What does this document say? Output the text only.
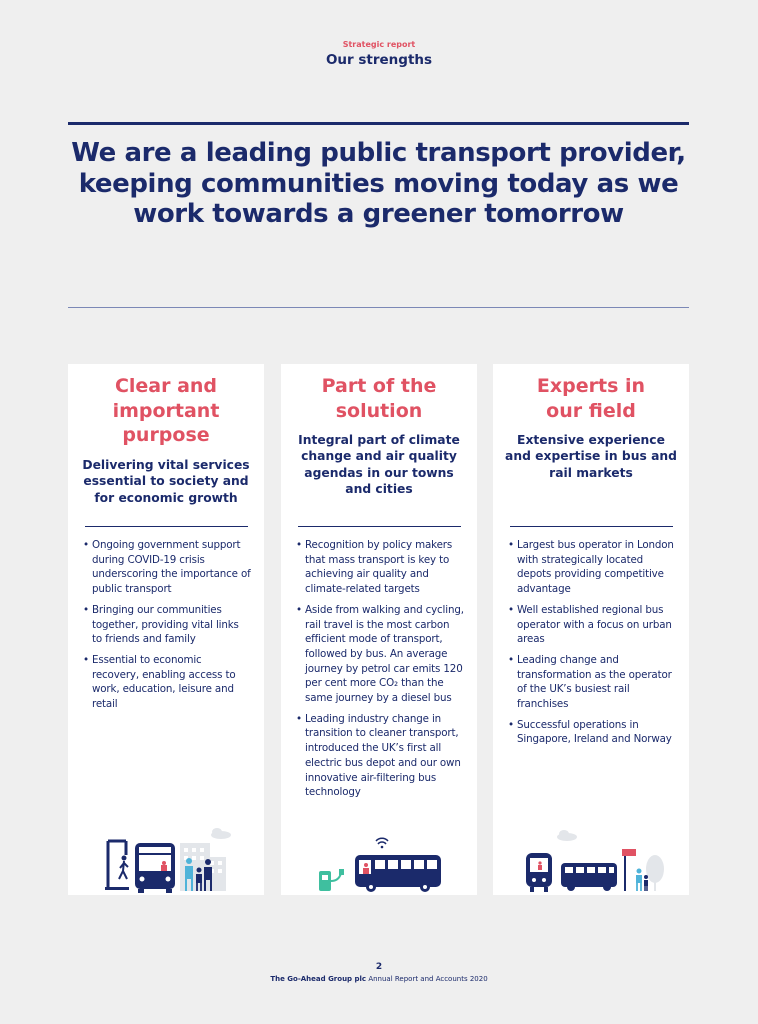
Strategic report
Our strengths
We are a leading public transport provider, keeping communities moving today as we work towards a greener tomorrow
Clear and important purpose
Delivering vital services essential to society and for economic growth
• Ongoing government support during COVID-19 crisis underscoring the importance of public transport
• Bringing our communities together, providing vital links to friends and family
• Essential to economic recovery, enabling access to work, education, leisure and retail
Part of the solution
Integral part of climate change and air quality agendas in our towns and cities
• Recognition by policy makers that mass transport is key to achieving air quality and climate-related targets
• Aside from walking and cycling, rail travel is the most carbon efficient mode of transport, followed by bus. An average journey by petrol car emits 120 per cent more CO₂ than the same journey by a diesel bus
• Leading industry change in transition to cleaner transport, introduced the UK’s first all electric bus depot and our own innovative air-filtering bus technology
Experts in our field
Extensive experience and expertise in bus and rail markets
• Largest bus operator in London with strategically located depots providing competitive advantage
• Well established regional bus operator with a focus on urban areas
• Leading change and transformation as the operator of the UK’s busiest rail franchises
• Successful operations in Singapore, Ireland and Norway
2
The Go-Ahead Group plc Annual Report and Accounts 2020
